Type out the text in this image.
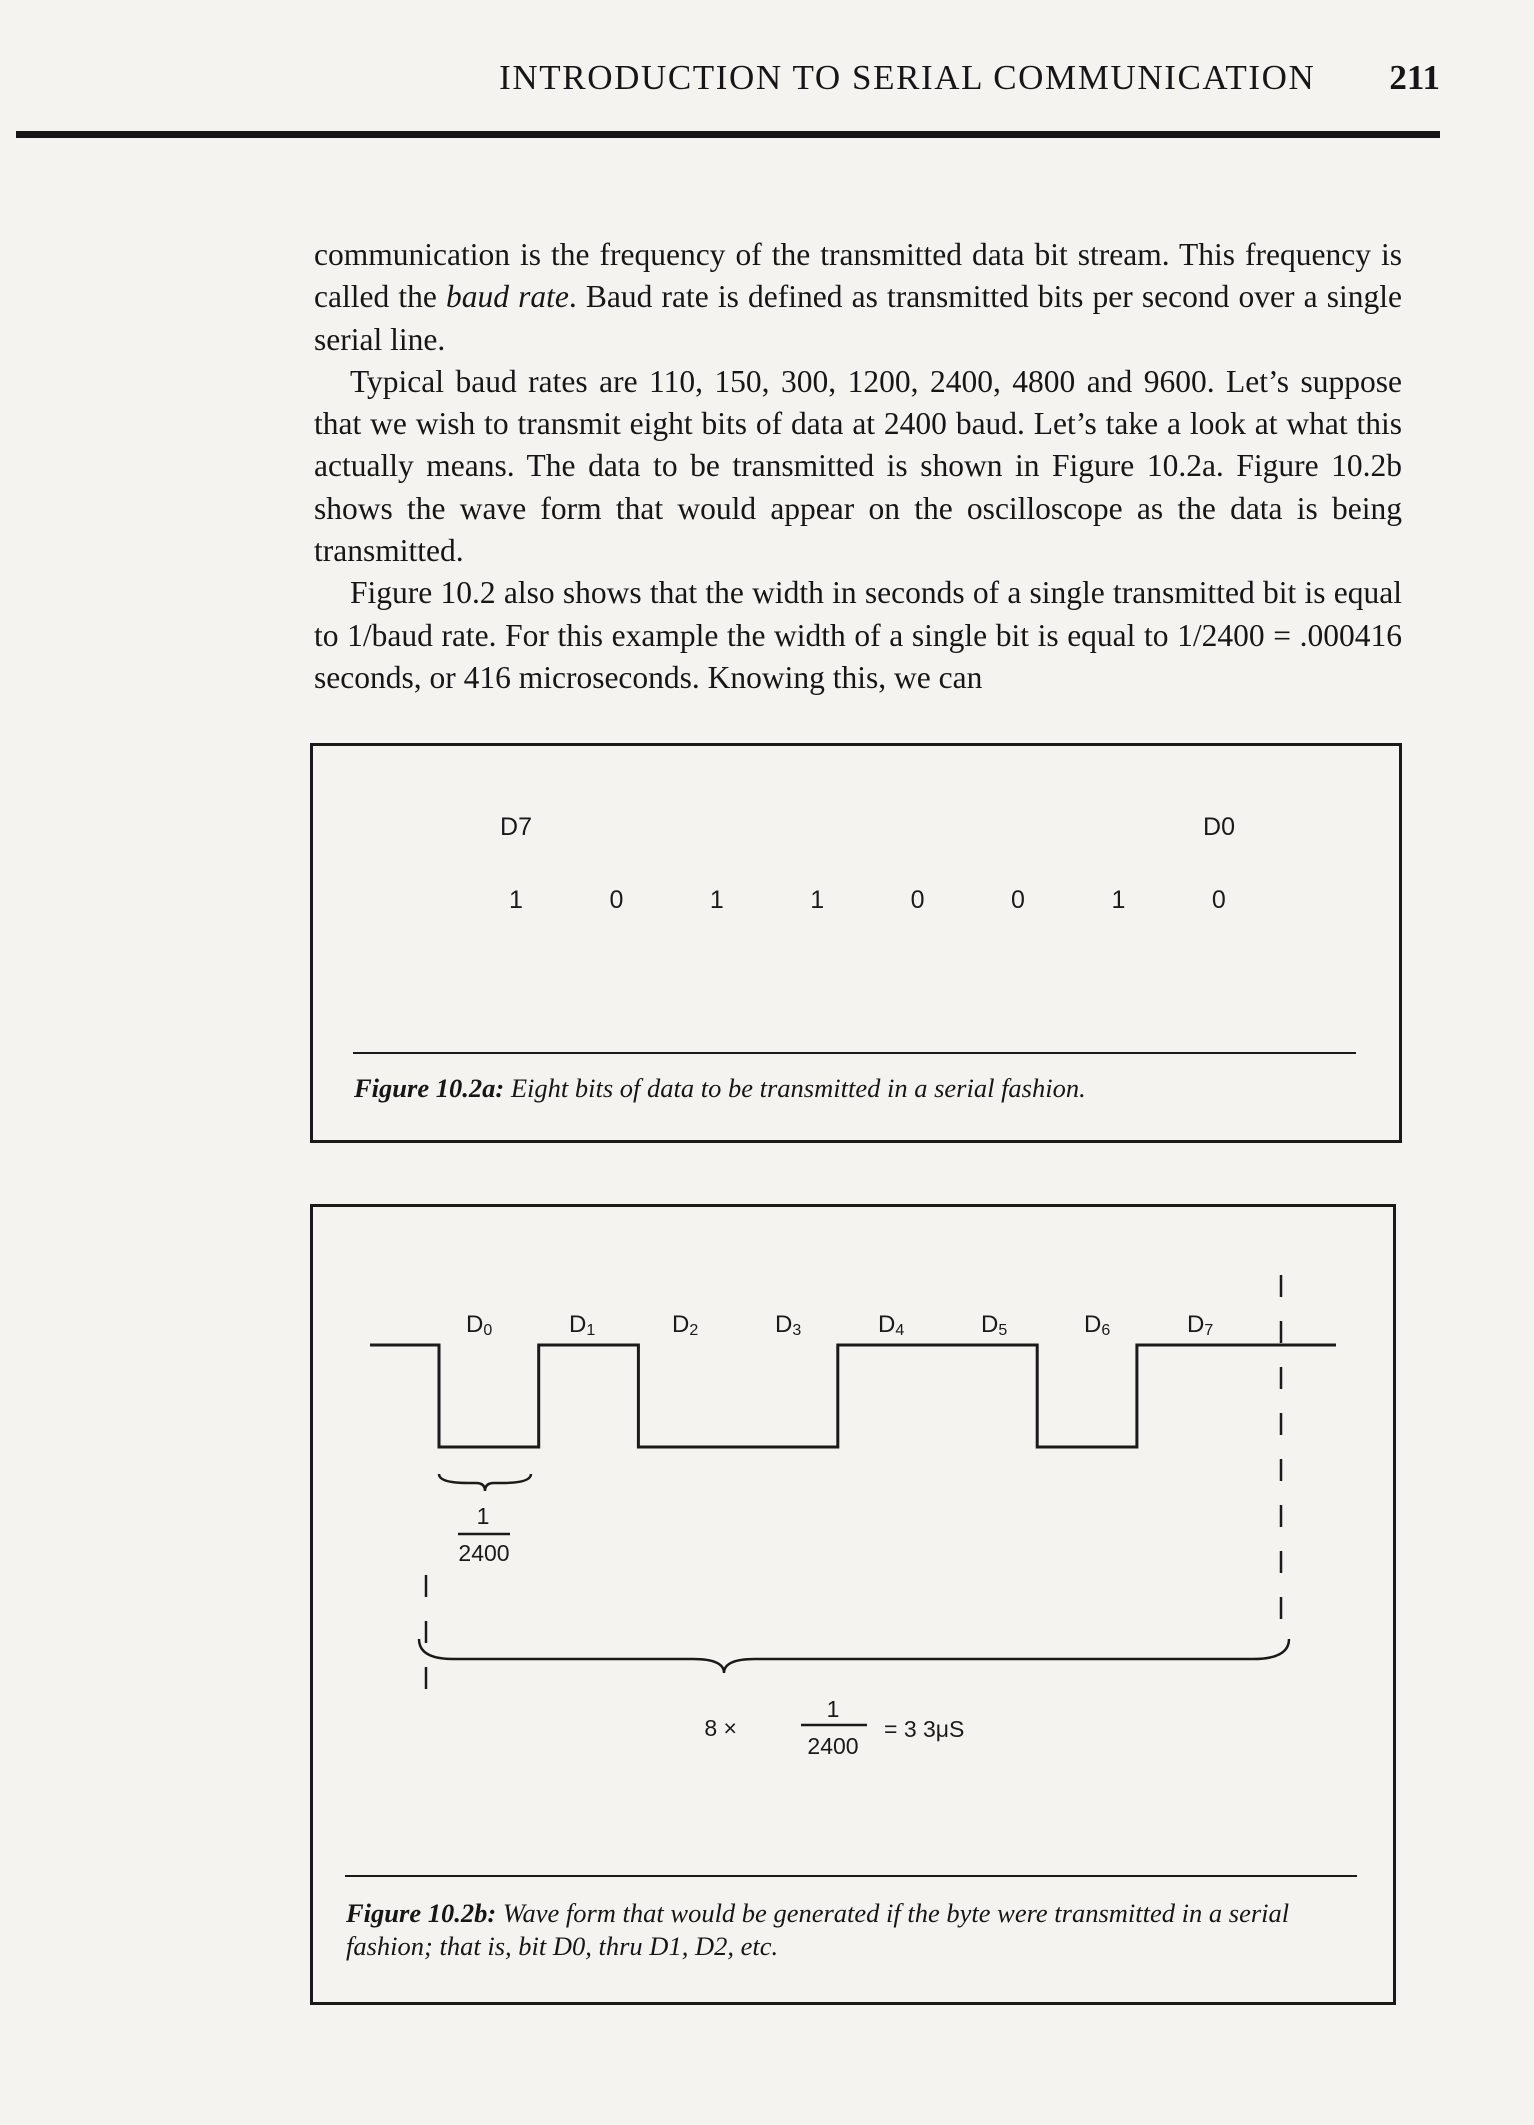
INTRODUCTION TO SERIAL COMMUNICATION 211

communication is the frequency of the transmitted data bit stream. This frequency is called the baud rate. Baud rate is defined as transmitted bits per second over a single serial line.

Typical baud rates are 110, 150, 300, 1200, 2400, 4800 and 9600. Let’s suppose that we wish to transmit eight bits of data at 2400 baud. Let’s take a look at what this actually means. The data to be transmitted is shown in Figure 10.2a. Figure 10.2b shows the wave form that would appear on the oscilloscope as the data is being transmitted.

Figure 10.2 also shows that the width in seconds of a single transmitted bit is equal to 1/baud rate. For this example the width of a single bit is equal to 1/2400 = .000416 seconds, or 416 microseconds. Knowing this, we can

D7	D0
1	0	1	1	0	0	1	0
Figure 10.2a: Eight bits of data to be transmitted in a serial fashion.
D0	D1	D2	D3	D4	D5	D6	D7
1
2400
8 ×
1
2400
= 3 3μS
Figure 10.2b: Wave form that would be generated if the byte were transmitted in a serial fashion; that is, bit D0, thru D1, D2, etc.
